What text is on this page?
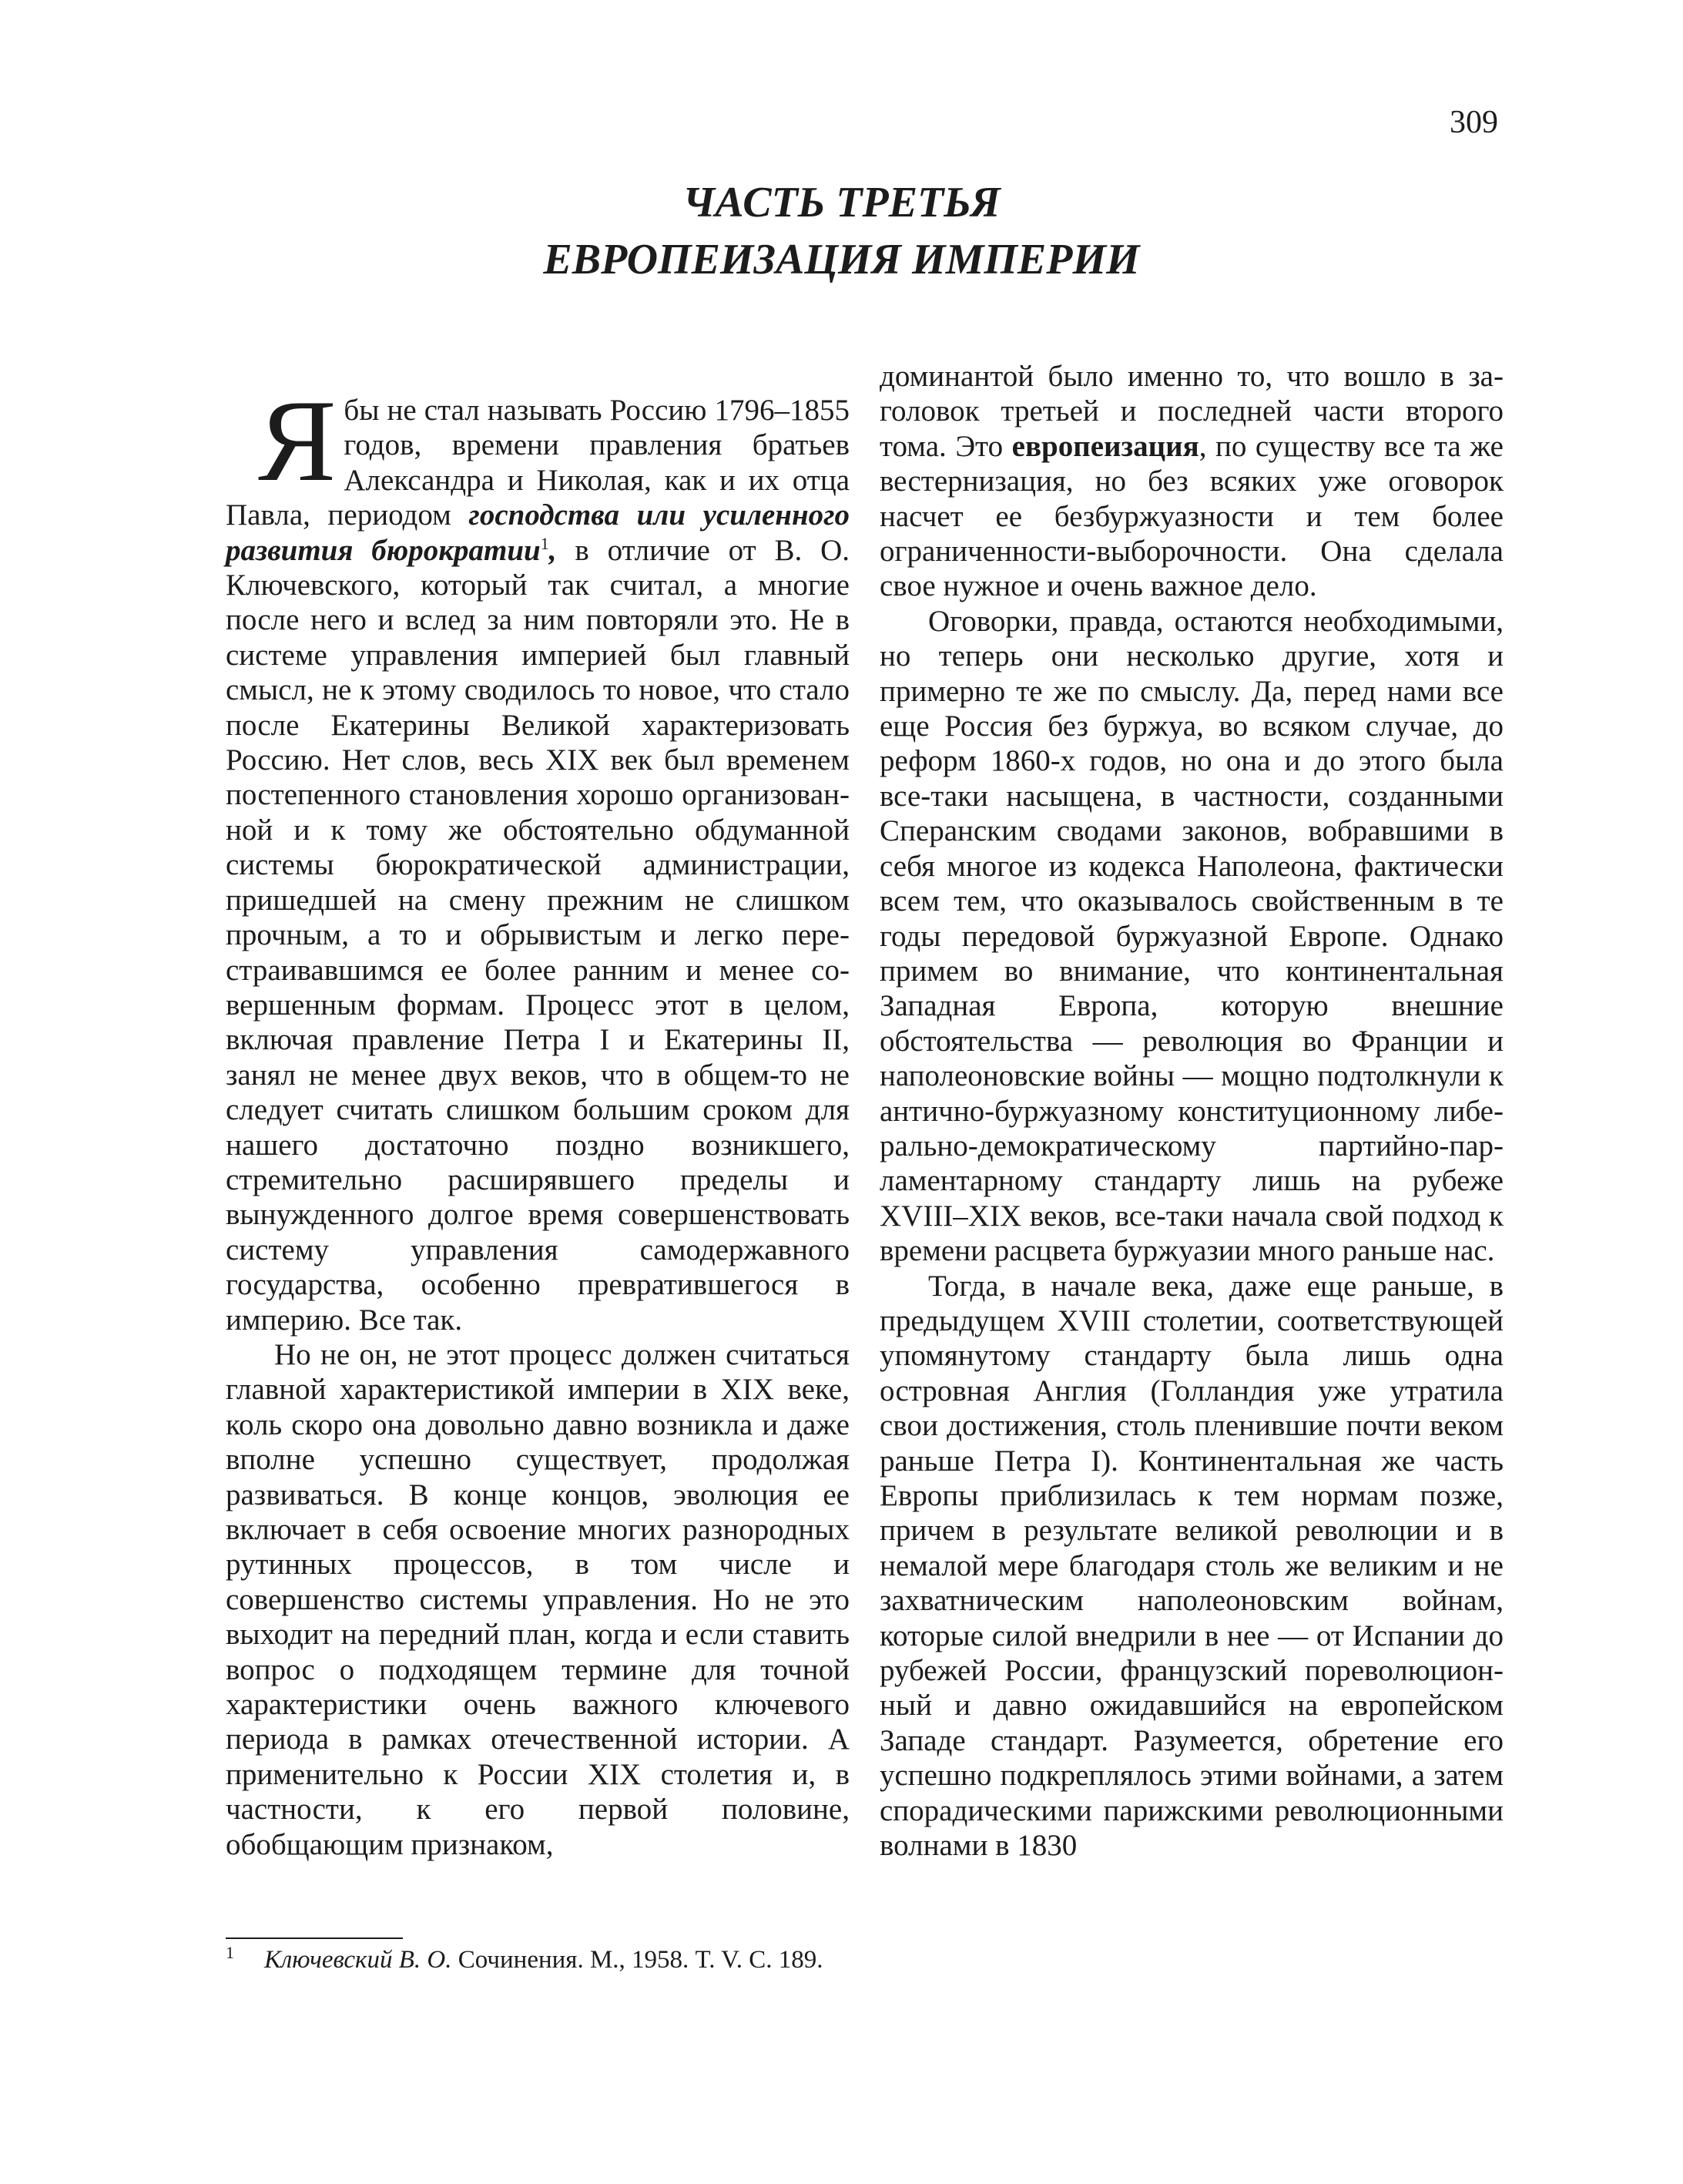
309
ЧАСТЬ ТРЕТЬЯ
ЕВРОПЕИЗАЦИЯ ИМПЕРИИ

Я бы не стал называть Россию 1796–1855 годов, времени правления братьев Александра и Николая, как и их отца Павла, периодом господства или усиленного развития бюрократии$^1$, в отличие от В. О. Ключевского, который так считал, а многие после него и вслед за ним повторяли это. Не в системе управления империей был главный смысл, не к этому сводилось то новое, что стало после Екатерины Великой характеризовать Россию. Нет слов, весь XIX век был временем постепенного становления хорошо организованной и к тому же обстоятельно обдуманной системы бюрократической администрации, пришедшей на смену прежним не слишком прочным, а то и обрывистым и легко перестраивавшимся ее более ранним и менее совершенным формам. Процесс этот в целом, включая правление Петра I и Екатерины II, занял не менее двух веков, что в общем-то не следует считать слишком большим сроком для нашего достаточно поздно возникшего, стремительно расширявшего пределы и вынужденного долгое время совершенствовать систему управления самодержавного государства, особенно превратившегося в империю. Все так.

Но не он, не этот процесс должен считаться главной характеристикой империи в XIX веке, коль скоро она довольно давно возникла и даже вполне успешно существует, продолжая развиваться. В конце концов, эволюция ее включает в себя освоение многих разнородных рутинных процессов, в том числе и совершенство системы управления. Но не это выходит на передний план, когда и если ставить вопрос о подходящем термине для точной характеристики очень важного ключевого периода в рамках отечественной истории. А применительно к России XIX столетия и, в частности, к его первой половине, обобщающим признаком,

доминантой было именно то, что вошло в заголовок третьей и последней части второго тома. Это европеизация, по существу все та же вестернизация, но без всяких уже оговорок насчет ее безбуржуазности и тем более ограниченности-выборочности. Она сделала свое нужное и очень важное дело.

Оговорки, правда, остаются необходимыми, но теперь они несколько другие, хотя и примерно те же по смыслу. Да, перед нами все еще Россия без буржуа, во всяком случае, до реформ 1860-х годов, но она и до этого была все-таки насыщена, в частности, созданными Сперанским сводами законов, вобравшими в себя многое из кодекса Наполеона, фактически всем тем, что оказывалось свойственным в те годы передовой буржуазной Европе. Однако примем во внимание, что континентальная Западная Европа, которую внешние обстоятельства — революция во Франции и наполеоновские войны — мощно подтолкнули к антично-буржуазному конституционному либерально-демократическому партийно-парламентарному стандарту лишь на рубеже XVIII–XIX веков, все-таки начала свой подход к времени расцвета буржуазии много раньше нас.

Тогда, в начале века, даже еще раньше, в предыдущем XVIII столетии, соответствующей упомянутому стандарту была лишь одна островная Англия (Голландия уже утратила свои достижения, столь пленившие почти веком раньше Петра I). Континентальная же часть Европы приблизилась к тем нормам позже, причем в результате великой революции и в немалой мере благодаря столь же великим и не захватническим наполеоновским войнам, которые силой внедрили в нее — от Испании до рубежей России, французский пореволюционный и давно ожидавшийся на европейском Западе стандарт. Разумеется, обретение его успешно подкреплялось этими войнами, а затем спорадическими парижскими революционными волнами в 1830

1 Ключевский В. О. Сочинения. М., 1958. T. V. С. 189.
